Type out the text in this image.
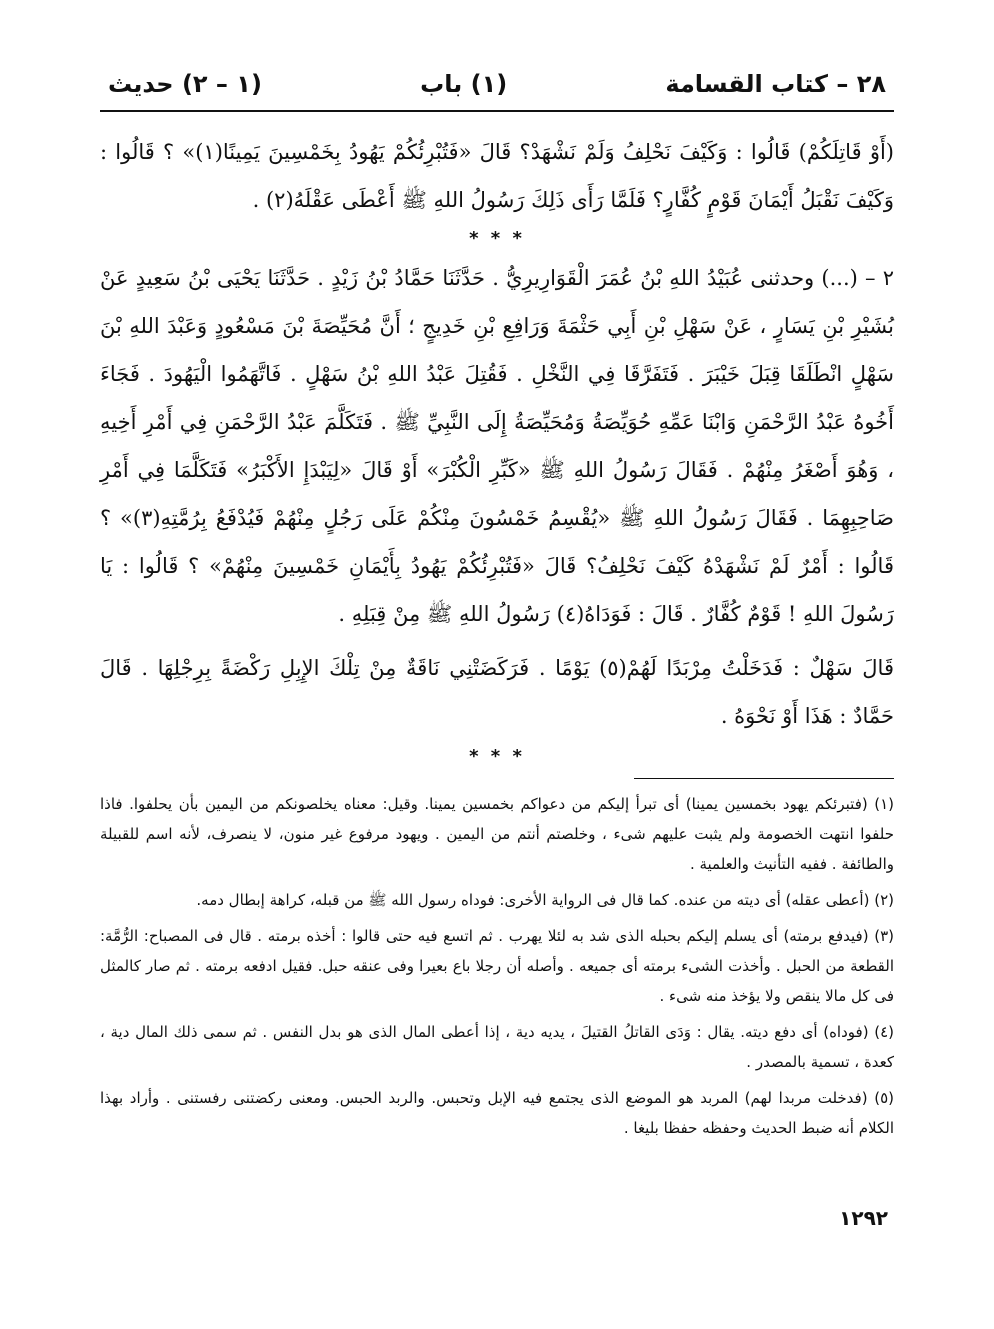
٢٨ – كتاب القسامة
(١) باب
(١ – ٢) حديث

(أَوْ قَاتِلَكُمْ) قَالُوا : وَكَيْفَ نَحْلِفُ وَلَمْ نَشْهَدْ؟ قَالَ «فَتُبْرِئُكُمْ يَهُودُ بِخَمْسِينَ يَمِينًا(١)» ؟ قَالُوا : وَكَيْفَ نَقْبَلُ أَيْمَانَ قَوْمٍ كُفَّارٍ؟ فَلَمَّا رَأَى ذَلِكَ رَسُولُ اللهِ ﷺ أَعْطَى عَقْلَهُ(٢) .

* * *

٢ – (...) وحدثنى عُبَيْدُ اللهِ بْنُ عُمَرَ الْقَوَارِيرِيُّ . حَدَّثَنَا حَمَّادُ بْنُ زَيْدٍ . حَدَّثَنَا يَحْيَى بْنُ سَعِيدٍ عَنْ بُشَيْرِ بْنِ يَسَارٍ ، عَنْ سَهْلِ بْنِ أَبِي حَثْمَةَ وَرَافِعِ بْنِ خَدِيجٍ ؛ أَنَّ مُحَيِّصَةَ بْنَ مَسْعُودٍ وَعَبْدَ اللهِ بْنَ سَهْلٍ انْطَلَقَا قِبَلَ خَيْبَرَ . فَتَفَرَّقَا فِي النَّخْلِ . فَقُتِلَ عَبْدُ اللهِ بْنُ سَهْلٍ . فَاتَّهَمُوا الْيَهُودَ . فَجَاءَ أَخُوهُ عَبْدُ الرَّحْمَنِ وَابْنَا عَمِّهِ حُوَيِّصَةُ وَمُحَيِّصَةُ إِلَى النَّبِيِّ ﷺ . فَتَكَلَّمَ عَبْدُ الرَّحْمَنِ فِي أَمْرِ أَخِيهِ ، وَهُوَ أَصْغَرُ مِنْهُمْ . فَقَالَ رَسُولُ اللهِ ﷺ «كَبِّرِ الْكُبْرَ» أَوْ قَالَ «لِيَبْدَإِ الأَكْبَرُ» فَتَكَلَّمَا فِي أَمْرِ صَاحِبِهِمَا . فَقَالَ رَسُولُ اللهِ ﷺ «يُقْسِمُ خَمْسُونَ مِنْكُمْ عَلَى رَجُلٍ مِنْهُمْ فَيُدْفَعُ بِرُمَّتِهِ(٣)» ؟ قَالُوا : أَمْرٌ لَمْ نَشْهَدْهُ كَيْفَ نَحْلِفُ؟ قَالَ «فَتُبْرِئُكُمْ يَهُودُ بِأَيْمَانِ خَمْسِينَ مِنْهُمْ» ؟ قَالُوا : يَا رَسُولَ اللهِ ! قَوْمٌ كُفَّارٌ . قَالَ : فَوَدَاهُ(٤) رَسُولُ اللهِ ﷺ مِنْ قِبَلِهِ .

قَالَ سَهْلٌ : فَدَخَلْتُ مِرْبَدًا لَهُمْ(٥) يَوْمًا . فَرَكَضَتْنِي نَاقَةٌ مِنْ تِلْكَ الإِبِلِ رَكْضَةً بِرِجْلِهَا . قَالَ حَمَّادٌ : هَذَا أَوْ نَحْوَهُ .

* * *

(١) (فتبرئكم يهود بخمسين يمينا) أى تبرأ إليكم من دعواكم بخمسين يمينا. وقيل: معناه يخلصونكم من اليمين بأن يحلفوا. فاذا حلفوا انتهت الخصومة ولم يثبت عليهم شىء ، وخلصتم أنتم من اليمين . ويهود مرفوع غير منون، لا ينصرف، لأنه اسم للقبيلة والطائفة . ففيه التأنيث والعلمية .

(٢) (أعطى عقله) أى ديته من عنده. كما قال فى الرواية الأخرى: فوداه رسول الله ﷺ من قبله، كراهة إبطال دمه.

(٣) (فيدفع برمته) أى يسلم إليكم بحبله الذى شد به لئلا يهرب . ثم اتسع فيه حتى قالوا : أخذه برمته . قال فى المصباح: الرُّمَّة: القطعة من الحبل . وأخذت الشىء برمته أى جميعه . وأصله أن رجلا باع بعيرا وفى عنقه حبل. فقيل ادفعه برمته . ثم صار كالمثل فى كل مالا ينقص ولا يؤخذ منه شىء .

(٤) (فوداه) أى دفع ديته. يقال : وَدَى القاتلُ القتيلَ ، يديه دية ، إذا أعطى المال الذى هو بدل النفس . ثم سمى ذلك المال دية ، كعدة ، تسمية بالمصدر .

(٥) (فدخلت مربدا لهم) المربد هو الموضع الذى يجتمع فيه الإبل وتحبس. والربد الحبس. ومعنى ركضتنى رفستنى . وأراد بهذا الكلام أنه ضبط الحديث وحفظه حفظا بليغا .

١٢٩٢
